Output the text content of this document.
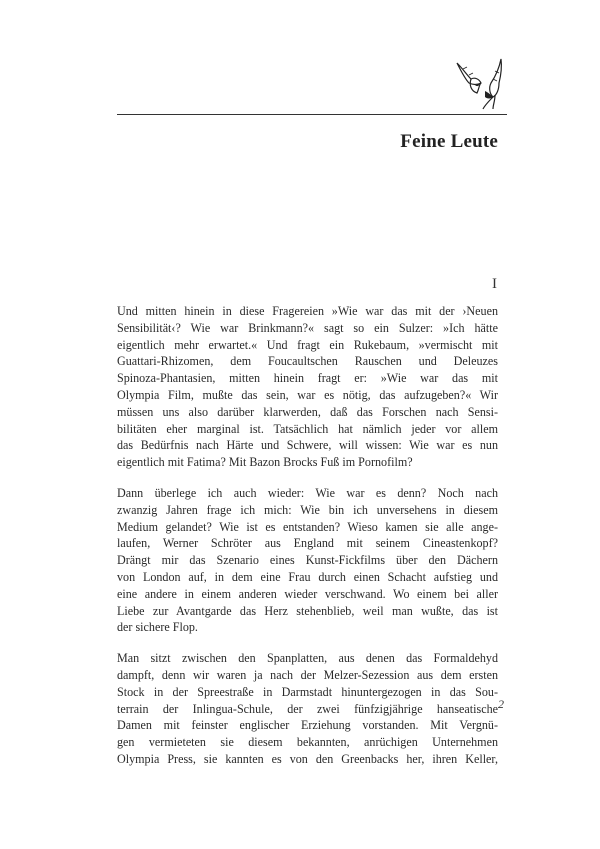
Feine Leute
I

Und mitten hinein in diese Fragereien »Wie war das mit der ›Neuen
Sensibilität‹? Wie war Brinkmann?« sagt so ein Sulzer: »Ich hätte
eigentlich mehr erwartet.« Und fragt ein Rukebaum, »vermischt mit
Guattari-Rhizomen, dem Foucaultschen Rauschen und Deleuzes
Spinoza-Phantasien, mitten hinein fragt er: »Wie war das mit
Olympia Film, mußte das sein, war es nötig, das aufzugeben?« Wir
müssen uns also darüber klarwerden, daß das Forschen nach Sensi-
bilitäten eher marginal ist. Tatsächlich hat nämlich jeder vor allem
das Bedürfnis nach Härte und Schwere, will wissen: Wie war es nun
eigentlich mit Fatima? Mit Bazon Brocks Fuß im Pornofilm?

Dann überlege ich auch wieder: Wie war es denn? Noch nach
zwanzig Jahren frage ich mich: Wie bin ich unversehens in diesem
Medium gelandet? Wie ist es entstanden? Wieso kamen sie alle ange-
laufen, Werner Schröter aus England mit seinem Cineastenkopf?
Drängt mir das Szenario eines Kunst-Fickfilms über den Dächern
von London auf, in dem eine Frau durch einen Schacht aufstieg und
eine andere in einem anderen wieder verschwand. Wo einem bei aller
Liebe zur Avantgarde das Herz stehenblieb, weil man wußte, das ist
der sichere Flop.

Man sitzt zwischen den Spanplatten, aus denen das Formaldehyd
dampft, denn wir waren ja nach der Melzer-Sezession aus dem ersten
Stock in der Spreestraße in Darmstadt hinuntergezogen in das Sou-
terrain der Inlingua-Schule, der zwei fünfzigjährige hanseatische
Damen mit feinster englischer Erziehung vorstanden. Mit Vergnü-
gen vermieteten sie diesem bekannten, anrüchigen Unternehmen
Olympia Press, sie kannten es von den Greenbacks her, ihren Keller,

2
